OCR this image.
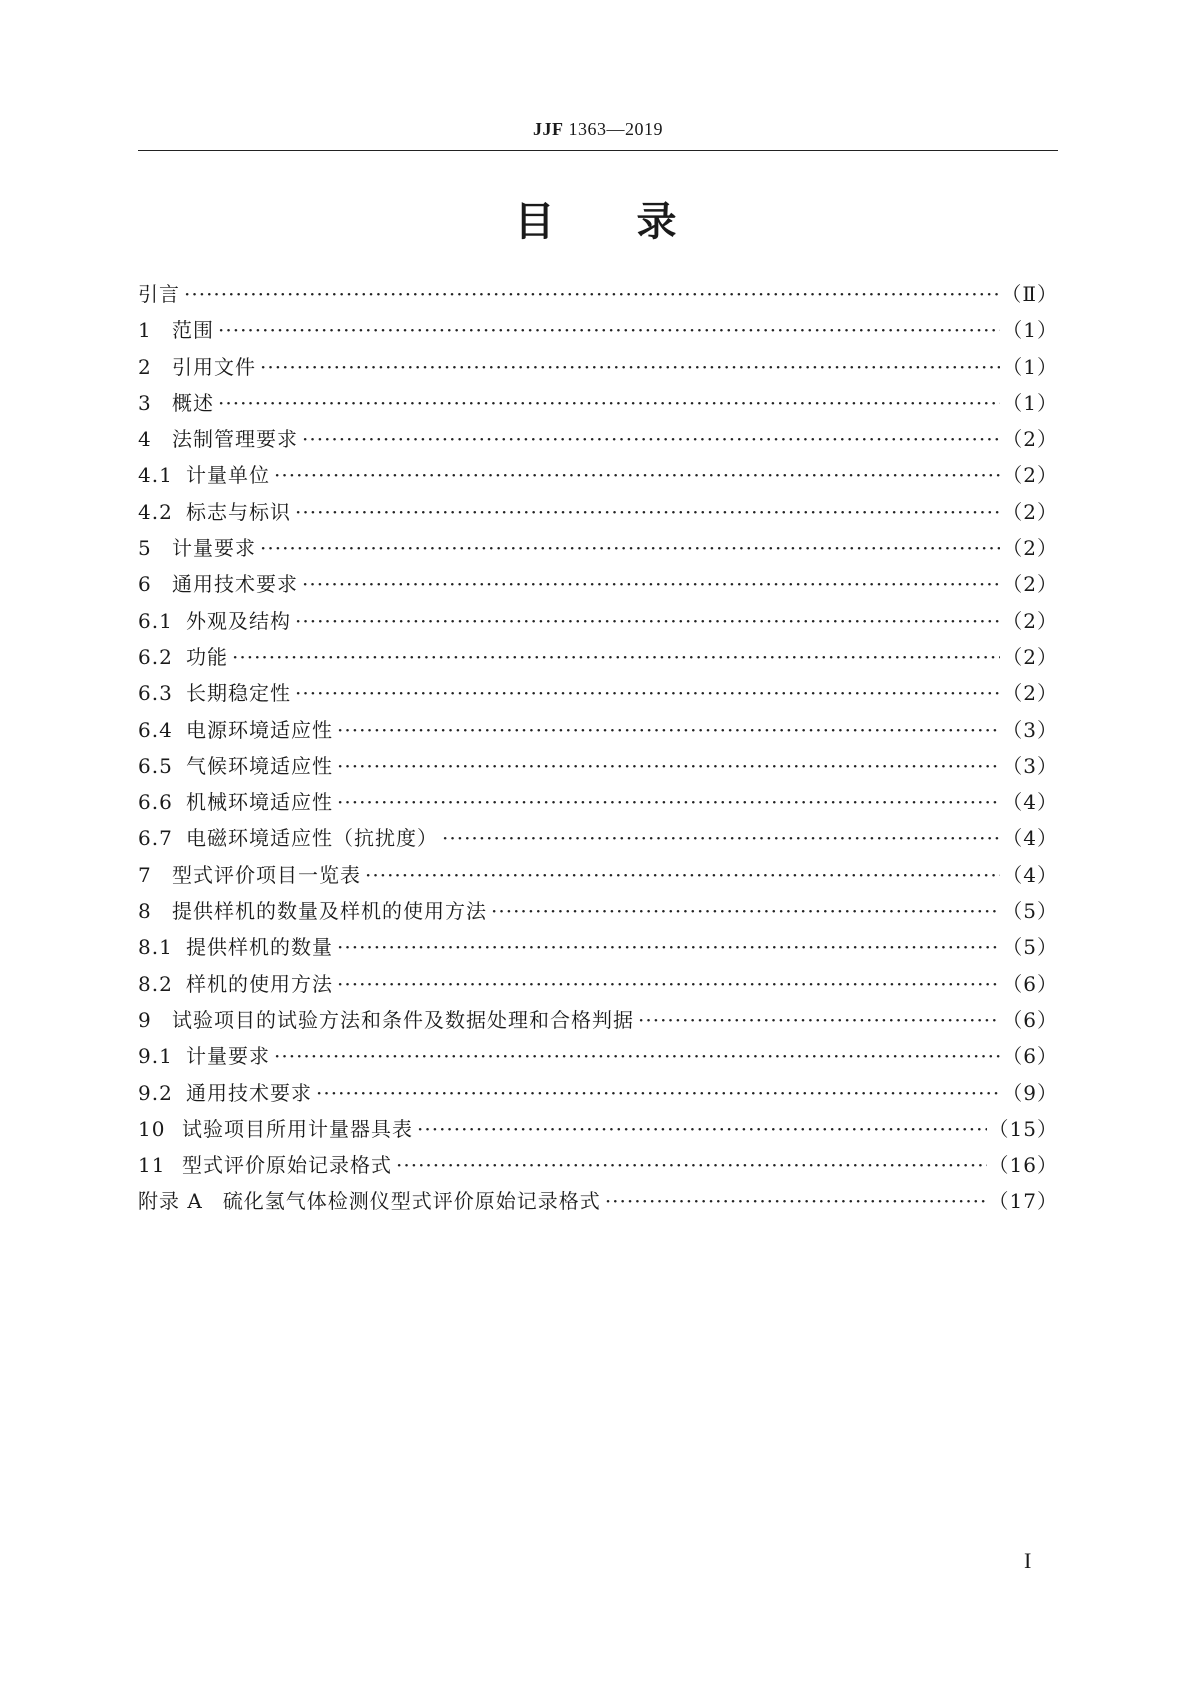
JJF 1363—2019
目录
引言 ·····	（Ⅱ）
1	范围 ·····	（1）
2	引用文件 ·····	（1）
3	概述 ·····	（1）
4	法制管理要求 ·····	（2）
4.1 计量单位 ·····	（2）
4.2 标志与标识 ·····	（2）
5	计量要求 ·····	（2）
6	通用技术要求 ·····	（2）
6.1 外观及结构 ·····	（2）
6.2 功能 ·····	（2）
6.3 长期稳定性 ·····	（2）
6.4 电源环境适应性 ·····	（3）
6.5 气候环境适应性 ·····	（3）
6.6 机械环境适应性 ·····	（4）
6.7 电磁环境适应性（抗扰度） ·····	（4）
7	型式评价项目一览表 ·····	（4）
8	提供样机的数量及样机的使用方法 ·····	（5）
8.1 提供样机的数量 ·····	（5）
8.2 样机的使用方法 ·····	（6）
9	试验项目的试验方法和条件及数据处理和合格判据 ·····	（6）
9.1 计量要求 ·····	（6）
9.2 通用技术要求 ·····	（9）
10 试验项目所用计量器具表 ·····	（15）
11 型式评价原始记录格式 ·····	（16）
附录 A 硫化氢气体检测仪型式评价原始记录格式 ·····	（17）
I
